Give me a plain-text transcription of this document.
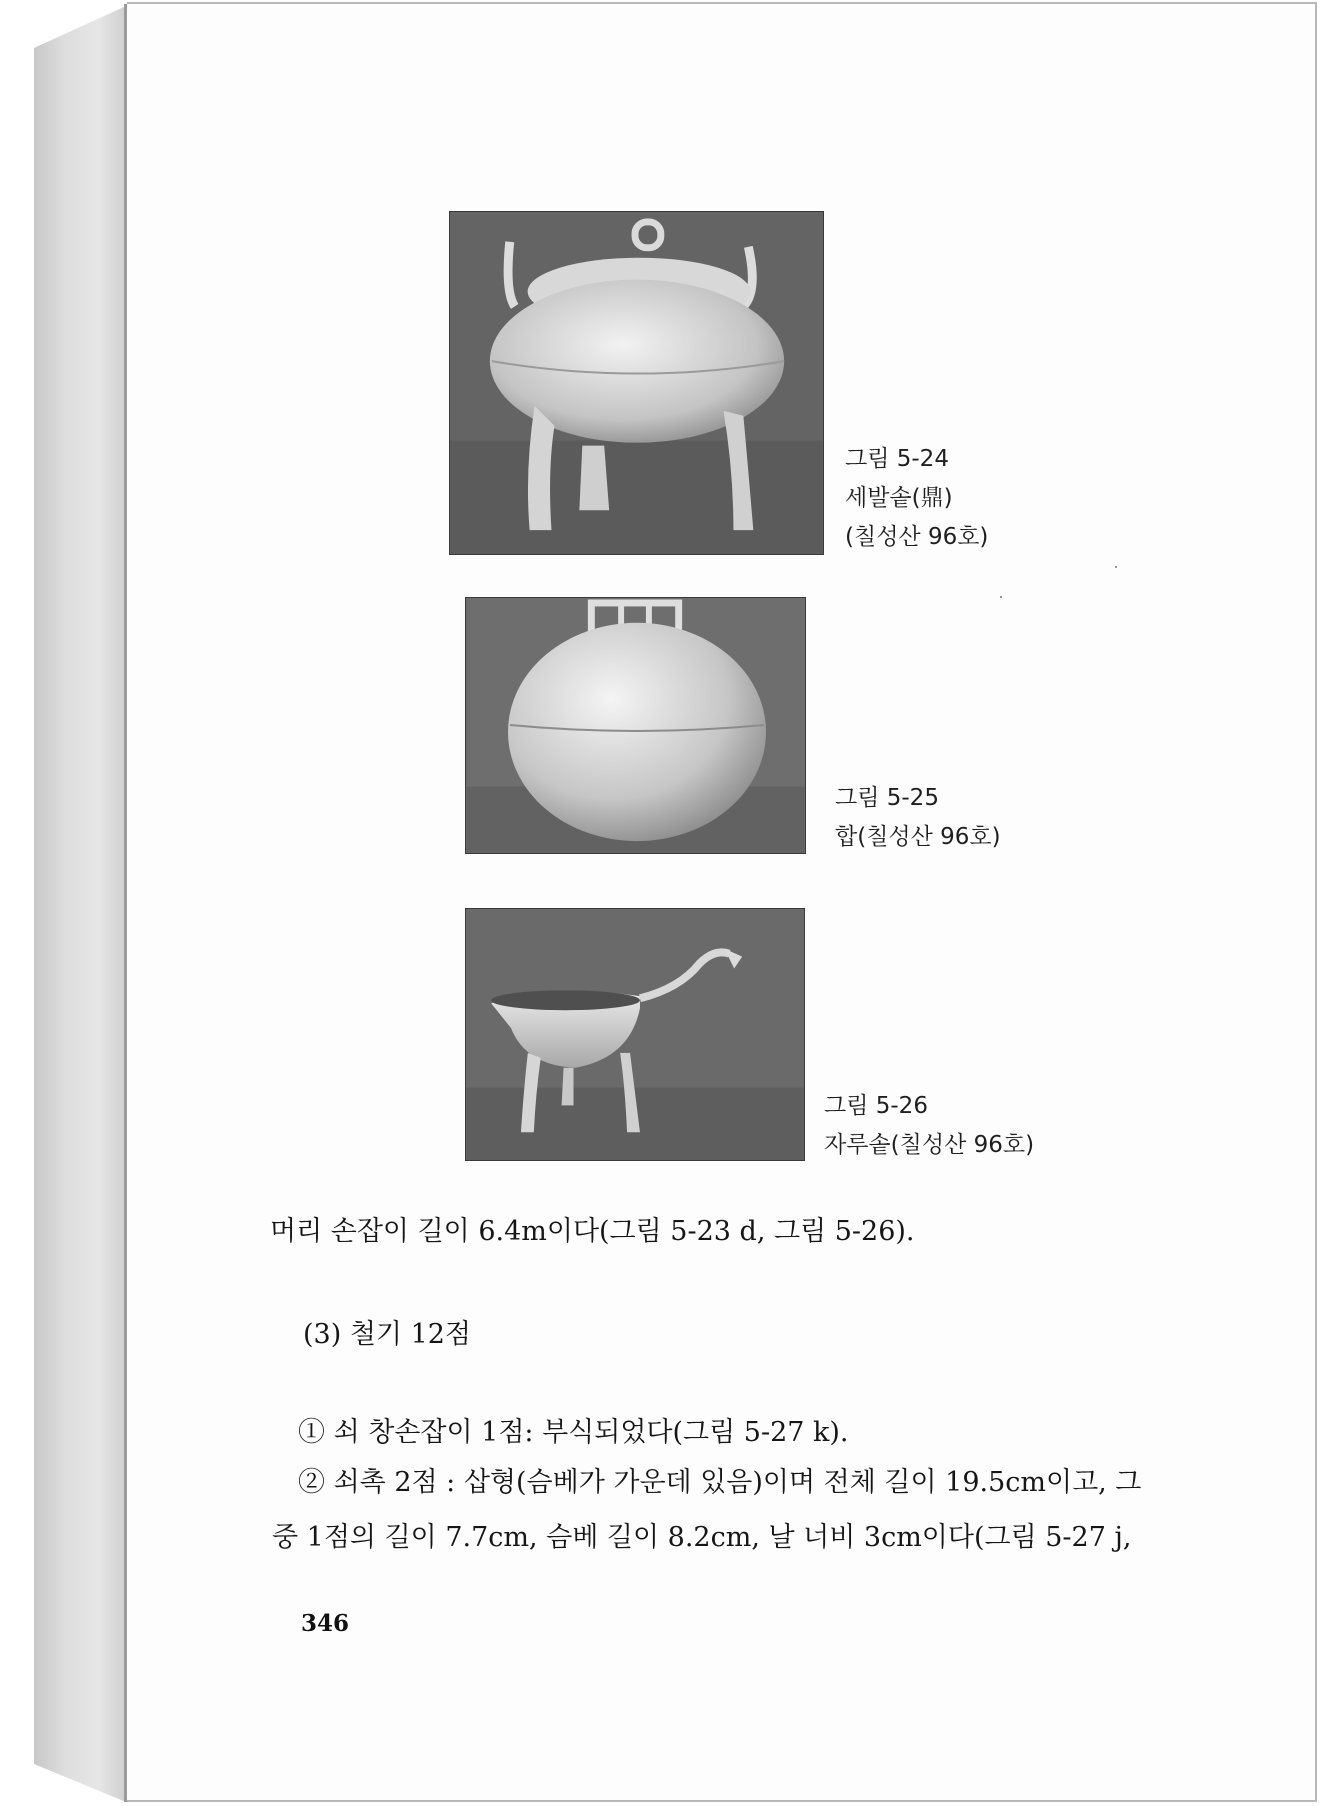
그림 5-24
세발솥(鼎)
(칠성산 96호)
그림 5-25
합(칠성산 96호)
그림 5-26
자루솥(칠성산 96호)
머리 손잡이 길이 6.4m이다(그림 5-23 d, 그림 5-26).
(3) 철기 12점
① 쇠 창손잡이 1점: 부식되었다(그림 5-27 k).
② 쇠촉 2점 : 삽형(슴베가 가운데 있음)이며 전체 길이 19.5cm이고, 그
중 1점의 길이 7.7cm, 슴베 길이 8.2cm, 날 너비 3cm이다(그림 5-27 j,
346
